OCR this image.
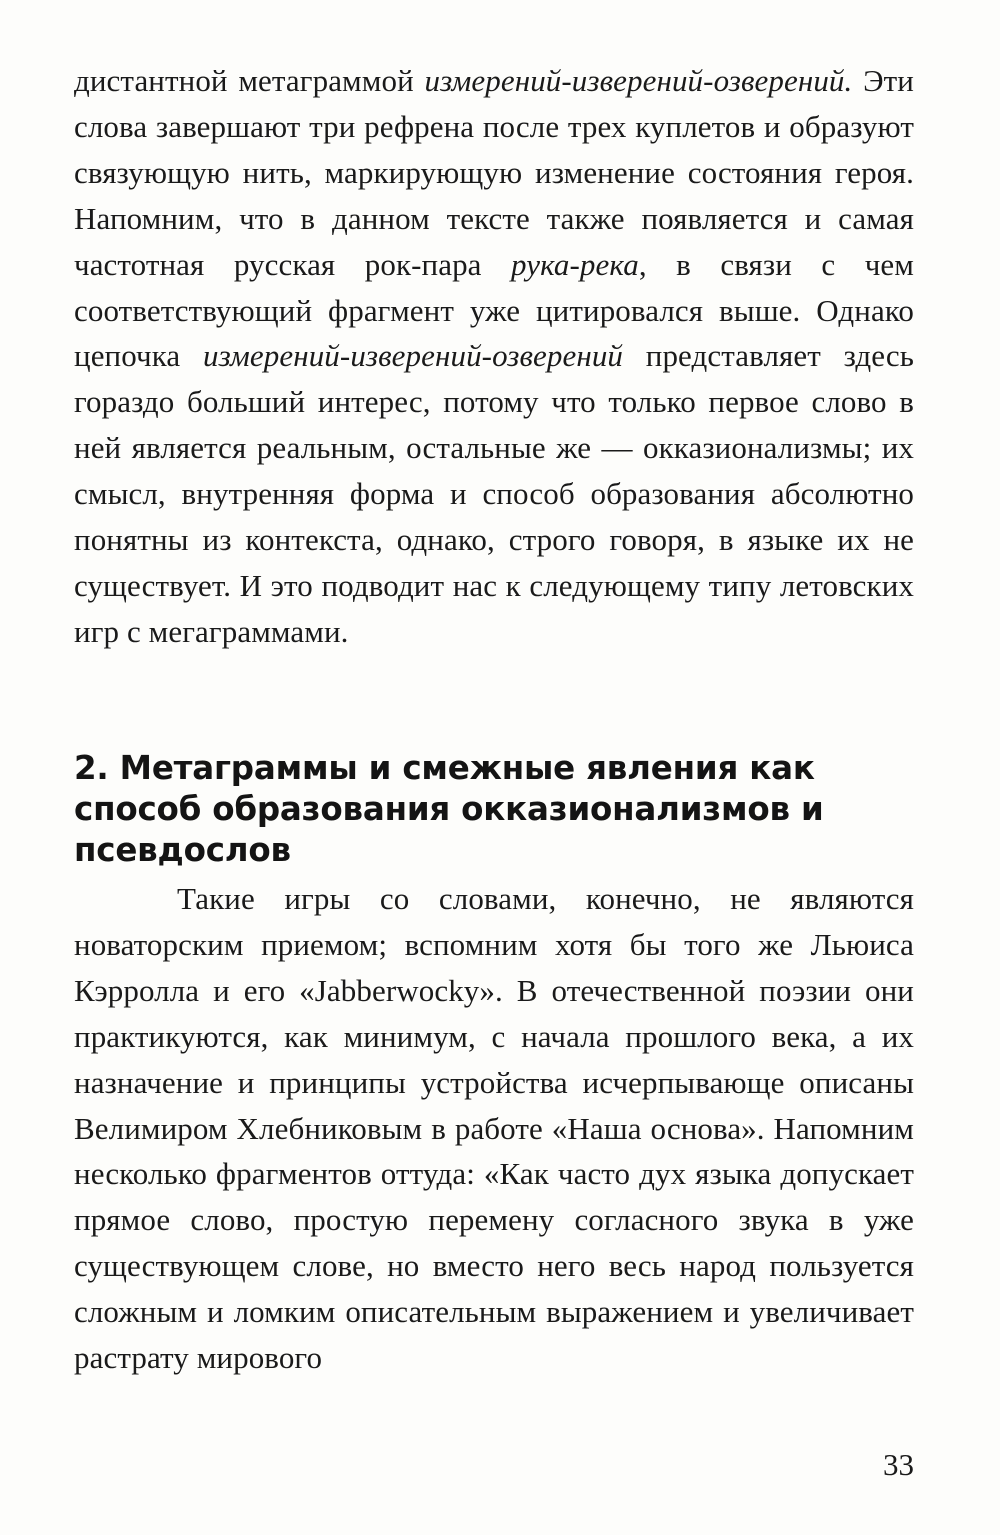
дистантной метаграммой измерений-изверений-озверений. Эти слова завершают три рефрена после трех куплетов и образуют связующую нить, маркирующую изменение состояния героя. Напомним, что в данном тексте также появляется и самая частотная русская рок-пара рука-река, в связи с чем соответствующий фрагмент уже цитировался выше. Однако цепочка измерений-изверений-озверений представляет здесь гораздо больший интерес, потому что только первое слово в ней является реальным, остальные же — окказионализмы; их смысл, внутренняя форма и способ образования абсолютно понятны из контекста, однако, строго говоря, в языке их не существует. И это подводит нас к следующему типу летовских игр с мегаграммами.

2. Метаграммы и смежные явления как способ образования окказионализмов и псевдослов

Такие игры со словами, конечно, не являются новаторским приемом; вспомним хотя бы того же Льюиса Кэрролла и его «Jabberwocky». В отечественной поэзии они практикуются, как минимум, с начала прошлого века, а их назначение и принципы устройства исчерпывающе описаны Велимиром Хлебниковым в работе «Наша основа». Напомним несколько фрагментов оттуда: «Как часто дух языка допускает прямое слово, простую перемену согласного звука в уже существующем слове, но вместо него весь народ пользуется сложным и ломким описательным выражением и увеличивает растрату мирового

33
